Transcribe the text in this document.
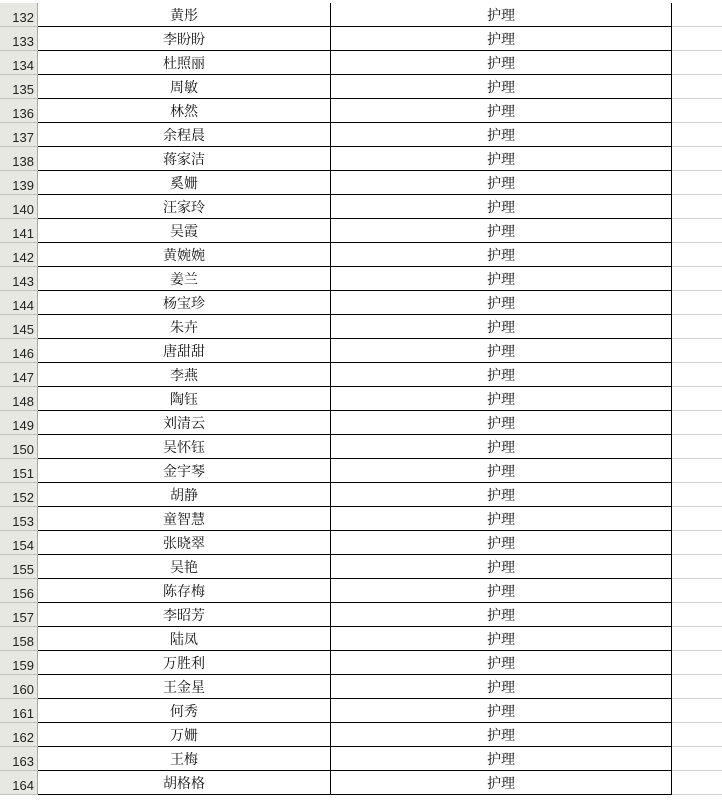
132	黄彤	护理
133	李盼盼	护理
134	杜照丽	护理
135	周敏	护理
136	林然	护理
137	余程晨	护理
138	蒋家洁	护理
139	奚姗	护理
140	汪家玲	护理
141	吴霞	护理
142	黄婉婉	护理
143	姜兰	护理
144	杨宝珍	护理
145	朱卉	护理
146	唐甜甜	护理
147	李燕	护理
148	陶钰	护理
149	刘清云	护理
150	吴怀钰	护理
151	金宇琴	护理
152	胡静	护理
153	童智慧	护理
154	张晓翠	护理
155	吴艳	护理
156	陈存梅	护理
157	李昭芳	护理
158	陆凤	护理
159	万胜利	护理
160	王金星	护理
161	何秀	护理
162	万姗	护理
163	王梅	护理
164	胡格格	护理
